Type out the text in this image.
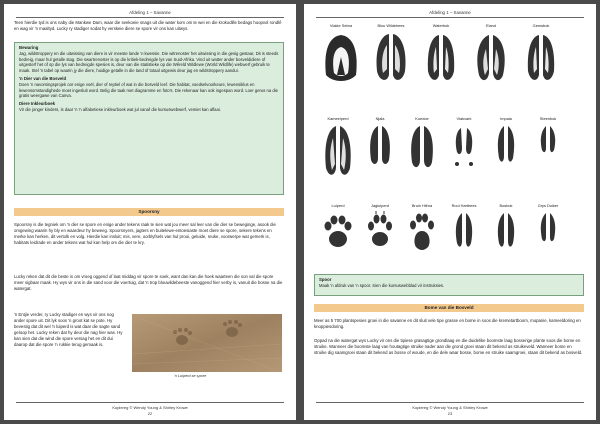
Afdeling 1 – Savanne
Teen hierdie tyd is ons naby die Mankwe Dam, waar die seekoeie snags uit die water kom om te wei en die krokodille bedags hoopvol rondlê en wag vir 'n maaltyd. Lucky ry stadiger sodat hy verskeie diere se spore vir ons kan uitwys.
Bewaring
Jag, wildstroppery en die uitwissing van diere is vir meeste lande 'n kwessie. Die witrenoster het uitwissing in die gesig gestaar, Dit is steeds bedreig, maar hul getalle stag. Die swartrenoster is op die kritiek-bedreigde lys van Suid-Afrika. Vind uit watter ander bosveldidiere of uitgesterf het of op die lys van bedreigde spesies is, deur van die statistieke op die Wêreld Wildlewe (World Wildlife) webwerf gebruik te maak. Stel 'n tabel op waarin jy die diere, huidige getalle in die land of totaal uitgewis deur jag en wildstroppery aandui.
'n Dier van die Bosveld
Doen 'n navorsingsprojek oor enige voël, dier of reptiel of wat in die bosveld leef. Die habitat, voedselvoorkeure, lewensiklus en lewensomstandighede moet ingesluit word. Belig die taak met diagramme en foto's. Die rekenaar kan ook ingespan word. Loer gerus na die gratis weergawe van Canva.
Diere Inkleurboek
Vir die jonger kinders, is daar 'n 'n alfabetiese inkleurboek wat jul vanaf die kursuswebwerf, vemiet kan aflaai.
Spoorsny
Spoorsny is die tegniek om 'n dier se spore en enige ander tekens raak te sien wat jou meer sal leer van die dier se beweginge, asook die omgewing waarin hy bly en waardeur hy beweeg. Spoorsnyers, jagters en buitelewe-entoesiaste moet diere se spore, sekere tekens en merke kan herken, dit vertolk en volg. Hierdie kan insluit; mis, vere, oorblyfsels van hul prooi, geluide, reuke, voorwerpe wat gemerk is, habitats leidrade en ander tekens wat hul kan help om die dier te kry.
Lucky reken dat dit die beste is om vroeg oggend of laat middag vir spore te soek, want dan kan die hoek waarteen die son val die spore meer sigbaar maak. Hy wys vir ons in die sand voor die voertuig, dat 'n trop blouwildebeeste vanoggend hier verby is, vanuit die bosse na die watergat.
'n Entjie verder, ry Lucky stadiger en wys vir ons nog ander spore uit. Dit lyk soos 'n groot kat se pote. Hy bevestig dat dit wel 'n luiperd is wat daar die sagte sand geloop het. Lucky reken dat hy deur die nag hier was. Hy kan sien dat die wind die spore versag het en dit dui daarop dat die spore 'n rukkie terug gemaak is.
'n Luiperd se spore
Kopiereg © Wendy Young & Shirley Krowe
22
Afdeling 1 – Savanne
Vlakte Sebra	Blou Wildebees	Waterbok	Eland	Gemsbok
Kameelperd	Njala	Koedoe	Vlakvark	Impala	Steenbok
Luiperd	Jagluiperd	Bruin Hiëna	Rooi Hartbees	Bosbok	Grys Duiker
Spoor
Maak 'n afdruk van 'n spoor. Sien die kursuswebblad vir instruksies.
Bome van die Bosveld
Meer as 5 700 plantspesies groei in die savanne en dit sluit vele tipe grasse en bome in soos die kremetartboom, mopanie, kameeldoring en knoppiesdoring.
Oppad na die watergat wys Lucky vir ons die tipiese grasagtige grondlaag en die duidelike boomste laag bosserige plante soos die bome en struike. Wanneer die boomste laag van houtagtige struike nader aan die grond groei staan dit bekend as struikeveld. Wanneer bome en struike dig saamgroei staan dit bekend as bosse of woude, en die dele waar bosse, bome en struike saamgroei, staan dit bekend as bosveld.
Kopiereg © Wendy Young & Shirley Krowe
23
